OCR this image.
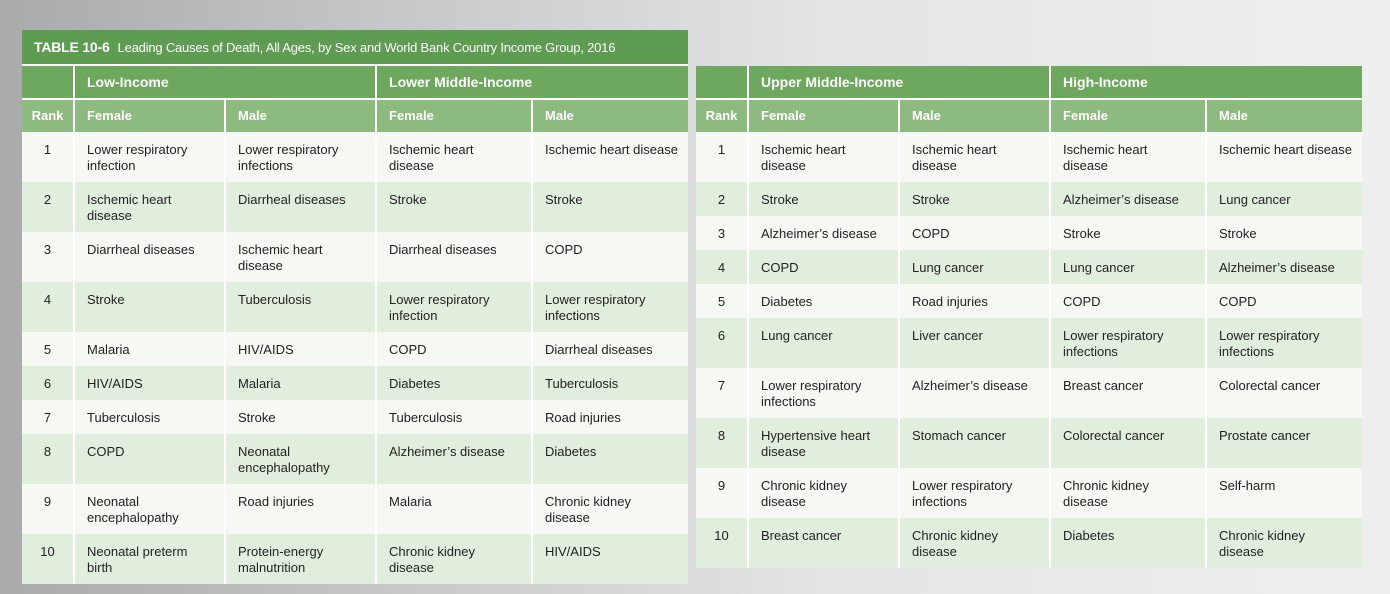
TABLE 10-6 Leading Causes of Death, All Ages, by Sex and World Bank Country Income Group, 2016
	Low-Income		Lower Middle-Income	
Rank	Female	Male	Female	Male
1	Lower respiratory infection	Lower respiratory infections	Ischemic heart disease	Ischemic heart disease
2	Ischemic heart disease	Diarrheal diseases	Stroke	Stroke
3	Diarrheal diseases	Ischemic heart disease	Diarrheal diseases	COPD
4	Stroke	Tuberculosis	Lower respiratory infection	Lower respiratory infections
5	Malaria	HIV/AIDS	COPD	Diarrheal diseases
6	HIV/AIDS	Malaria	Diabetes	Tuberculosis
7	Tuberculosis	Stroke	Tuberculosis	Road injuries
8	COPD	Neonatal encephalopathy	Alzheimer’s disease	Diabetes
9	Neonatal encephalopathy	Road injuries	Malaria	Chronic kidney disease
10	Neonatal preterm birth	Protein-energy malnutrition	Chronic kidney disease	HIV/AIDS
	Upper Middle-Income		High-Income	
Rank	Female	Male	Female	Male
1	Ischemic heart disease	Ischemic heart disease	Ischemic heart disease	Ischemic heart disease
2	Stroke	Stroke	Alzheimer’s disease	Lung cancer
3	Alzheimer’s disease	COPD	Stroke	Stroke
4	COPD	Lung cancer	Lung cancer	Alzheimer’s disease
5	Diabetes	Road injuries	COPD	COPD
6	Lung cancer	Liver cancer	Lower respiratory infections	Lower respiratory infections
7	Lower respiratory infections	Alzheimer’s disease	Breast cancer	Colorectal cancer
8	Hypertensive heart disease	Stomach cancer	Colorectal cancer	Prostate cancer
9	Chronic kidney disease	Lower respiratory infections	Chronic kidney disease	Self-harm
10	Breast cancer	Chronic kidney disease	Diabetes	Chronic kidney disease
